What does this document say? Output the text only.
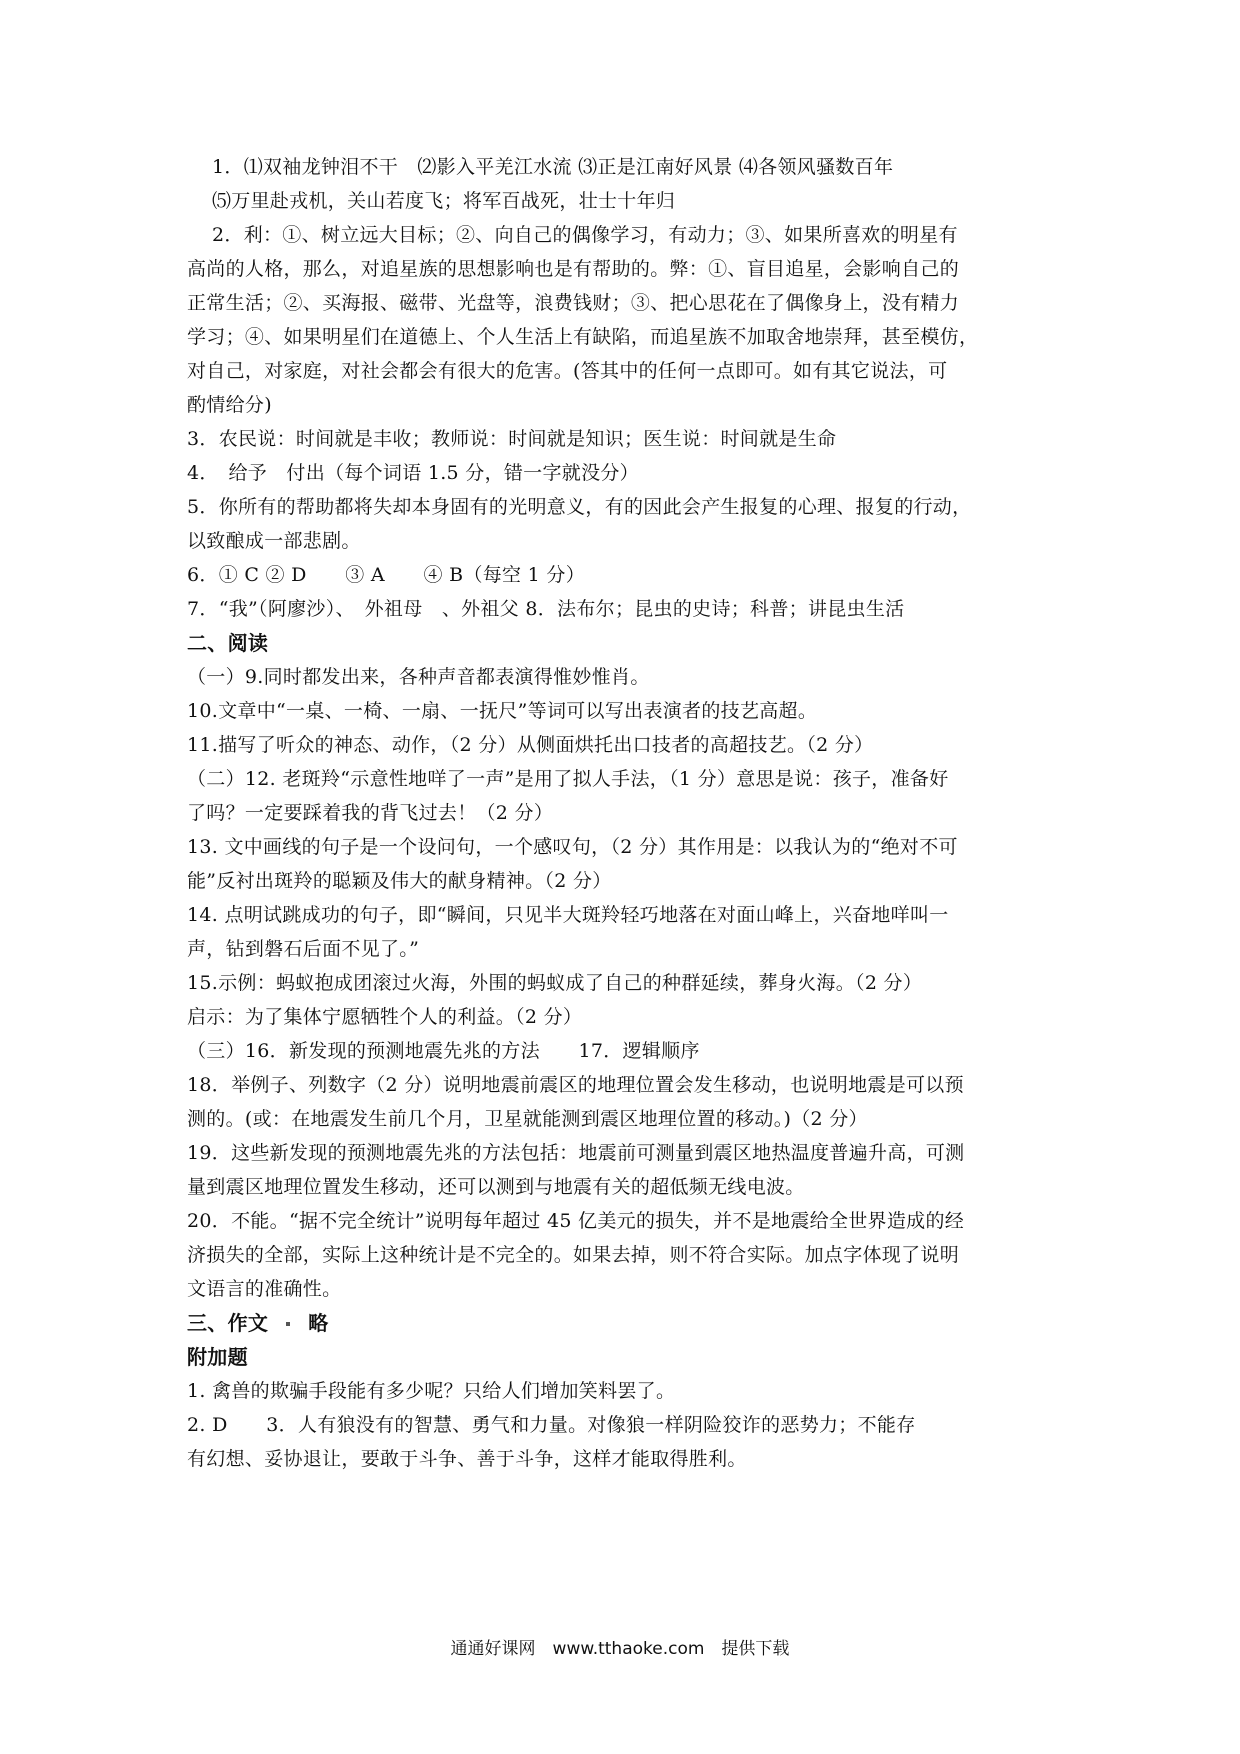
1．⑴双袖龙钟泪不干　⑵影入平羌江水流 ⑶正是江南好风景 ⑷各领风骚数百年
⑸万里赴戎机，关山若度飞；将军百战死，壮士十年归
2．利：①、树立远大目标；②、向自己的偶像学习，有动力；③、如果所喜欢的明星有
高尚的人格，那么，对追星族的思想影响也是有帮助的。弊：①、盲目追星，会影响自己的
正常生活；②、买海报、磁带、光盘等，浪费钱财；③、把心思花在了偶像身上，没有精力
学习；④、如果明星们在道德上、个人生活上有缺陷，而追星族不加取舍地崇拜，甚至模仿，
对自己，对家庭，对社会都会有很大的危害。(答其中的任何一点即可。如有其它说法，可
酌情给分)
3．农民说：时间就是丰收；教师说：时间就是知识；医生说：时间就是生命
4．　给予　付出（每个词语 1.5 分，错一字就没分）
5．你所有的帮助都将失却本身固有的光明意义，有的因此会产生报复的心理、报复的行动，
以致酿成一部悲剧。
6．① C ② D　　③ A　　④ B（每空 1 分）
7．“我”（阿廖沙）、　外祖母　、外祖父 8．法布尔；昆虫的史诗；科普；讲昆虫生活
二、阅读
（一）9.同时都发出来，各种声音都表演得惟妙惟肖。
10.文章中“一桌、一椅、一扇、一抚尺”等词可以写出表演者的技艺高超。
11.描写了听众的神态、动作，（2 分）从侧面烘托出口技者的高超技艺。（2 分）
（二）12. 老斑羚“示意性地咩了一声”是用了拟人手法，（1 分）意思是说：孩子，准备好
了吗？一定要踩着我的背飞过去！（2 分）
13. 文中画线的句子是一个设问句，一个感叹句，（2 分）其作用是：以我认为的“绝对不可
能”反衬出斑羚的聪颖及伟大的献身精神。（2 分）
14. 点明试跳成功的句子，即“瞬间，只见半大斑羚轻巧地落在对面山峰上，兴奋地咩叫一
声，钻到磐石后面不见了。”
15.示例：蚂蚁抱成团滚过火海，外围的蚂蚁成了自己的种群延续，葬身火海。（2 分）
启示：为了集体宁愿牺牲个人的利益。（2 分）
（三）16．新发现的预测地震先兆的方法　　17．逻辑顺序
18．举例子、列数字（2 分）说明地震前震区的地理位置会发生移动，也说明地震是可以预
测的。(或：在地震发生前几个月，卫星就能测到震区地理位置的移动。)（2 分）
19．这些新发现的预测地震先兆的方法包括：地震前可测量到震区地热温度普遍升高，可测
量到震区地理位置发生移动，还可以测到与地震有关的超低频无线电波。
20．不能。“据不完全统计”说明每年超过 45 亿美元的损失，并不是地震给全世界造成的经
济损失的全部，实际上这种统计是不完全的。如果去掉，则不符合实际。加点字体现了说明
文语言的准确性。
三、作文 略
附加题
1. 禽兽的欺骗手段能有多少呢？只给人们增加笑料罢了。
2. D　　3．人有狼没有的智慧、勇气和力量。对像狼一样阴险狡诈的恶势力；不能存
有幻想、妥协退让，要敢于斗争、善于斗争，这样才能取得胜利。
通通好课网　www.tthaoke.com　提供下载
